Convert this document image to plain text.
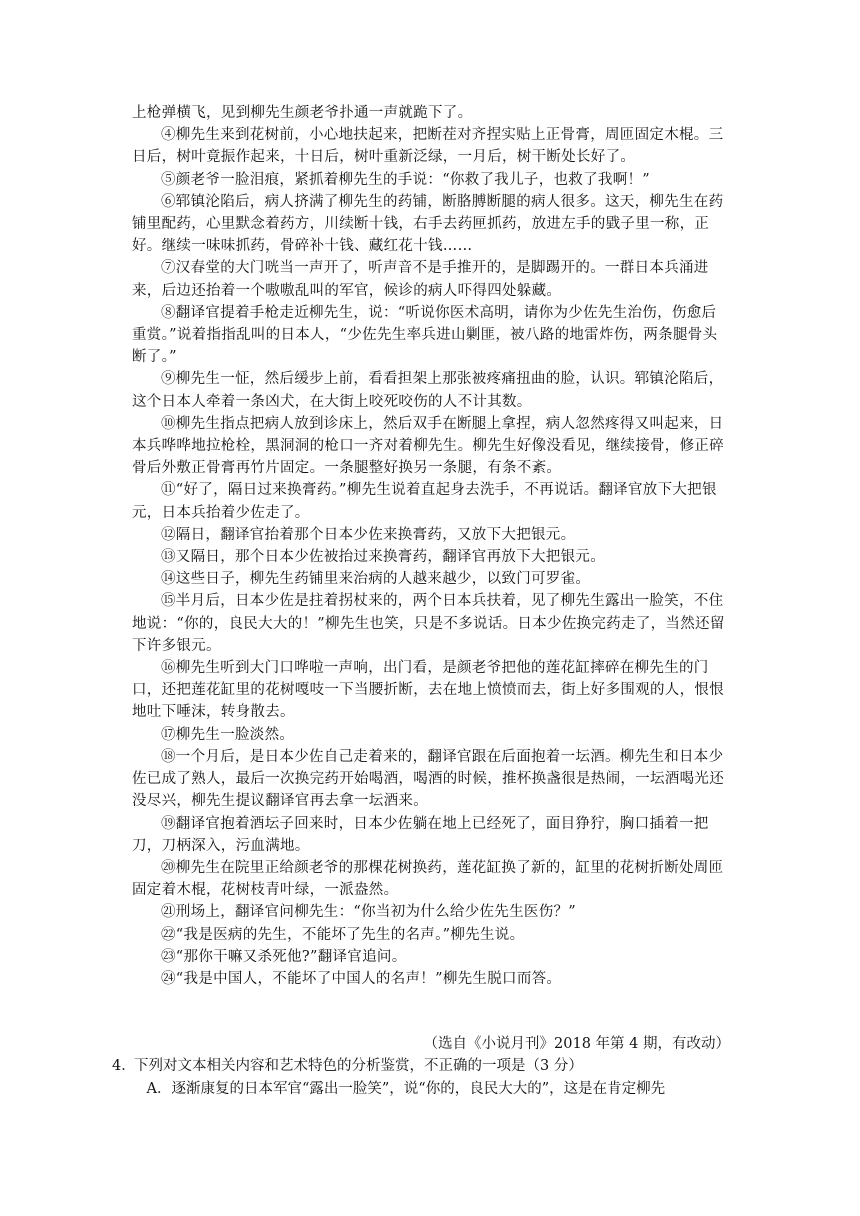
上枪弹横飞，见到柳先生颜老爷扑通一声就跪下了。

④柳先生来到花树前，小心地扶起来，把断茬对齐捏实贴上正骨膏，周匝固定木棍。三日后，树叶竟振作起来，十日后，树叶重新泛绿，一月后，树干断处长好了。

⑤颜老爷一脸泪痕，紧抓着柳先生的手说：“你救了我儿子，也救了我啊！”

⑥郓镇沦陷后，病人挤满了柳先生的药铺，断胳膊断腿的病人很多。这天，柳先生在药铺里配药，心里默念着药方，川续断十钱，右手去药匣抓药，放进左手的戥子里一称，正好。继续一味味抓药，骨碎补十钱、藏红花十钱……

⑦汉春堂的大门咣当一声开了，听声音不是手推开的，是脚踢开的。一群日本兵涌进来，后边还抬着一个嗷嗷乱叫的军官，候诊的病人吓得四处躲藏。

⑧翻译官提着手枪走近柳先生，说：“听说你医术高明，请你为少佐先生治伤，伤愈后重赏。”说着指指乱叫的日本人，“少佐先生率兵进山剿匪，被八路的地雷炸伤，两条腿骨头断了。”

⑨柳先生一怔，然后缓步上前，看看担架上那张被疼痛扭曲的脸，认识。郓镇沦陷后，这个日本人牵着一条凶犬，在大街上咬死咬伤的人不计其数。

⑩柳先生指点把病人放到诊床上，然后双手在断腿上拿捏，病人忽然疼得又叫起来，日本兵哗哗地拉枪栓，黑洞洞的枪口一齐对着柳先生。柳先生好像没看见，继续接骨，修正碎骨后外敷正骨膏再竹片固定。一条腿整好换另一条腿，有条不紊。

⑪“好了，隔日过来换膏药。”柳先生说着直起身去洗手，不再说话。翻译官放下大把银元，日本兵抬着少佐走了。

⑫隔日，翻译官抬着那个日本少佐来换膏药，又放下大把银元。

⑬又隔日，那个日本少佐被抬过来换膏药，翻译官再放下大把银元。

⑭这些日子，柳先生药铺里来治病的人越来越少，以致门可罗雀。

⑮半月后，日本少佐是拄着拐杖来的，两个日本兵扶着，见了柳先生露出一脸笑，不住地说：“你的，良民大大的！”柳先生也笑，只是不多说话。日本少佐换完药走了，当然还留下许多银元。

⑯柳先生听到大门口哗啦一声响，出门看，是颜老爷把他的莲花缸摔碎在柳先生的门口，还把莲花缸里的花树嘎吱一下当腰折断，去在地上愤愤而去，街上好多围观的人，恨恨地吐下唾沫，转身散去。

⑰柳先生一脸淡然。

⑱一个月后，是日本少佐自己走着来的，翻译官跟在后面抱着一坛酒。柳先生和日本少佐已成了熟人，最后一次换完药开始喝酒，喝酒的时候，推杯换盏很是热闹，一坛酒喝光还没尽兴，柳先生提议翻译官再去拿一坛酒来。

⑲翻译官抱着酒坛子回来时，日本少佐躺在地上已经死了，面目狰狞，胸口插着一把刀，刀柄深入，污血满地。

⑳柳先生在院里正给颜老爷的那棵花树换药，莲花缸换了新的，缸里的花树折断处周匝固定着木棍，花树枝青叶绿，一派盎然。

㉑刑场上，翻译官问柳先生：“你当初为什么给少佐先生医伤？”

㉒“我是医病的先生，不能坏了先生的名声。”柳先生说。

㉓“那你干嘛又杀死他?”翻译官追问。

㉔“我是中国人，不能坏了中国人的名声！”柳先生脱口而答。

（选自《小说月刊》2018 年第 4 期，有改动）
4．下列对文本相关内容和艺术特色的分析鉴赏，不正确的一项是（3 分）
A．逐渐康复的日本军官“露出一脸笑”，说“你的，良民大大的”，这是在肯定柳先
